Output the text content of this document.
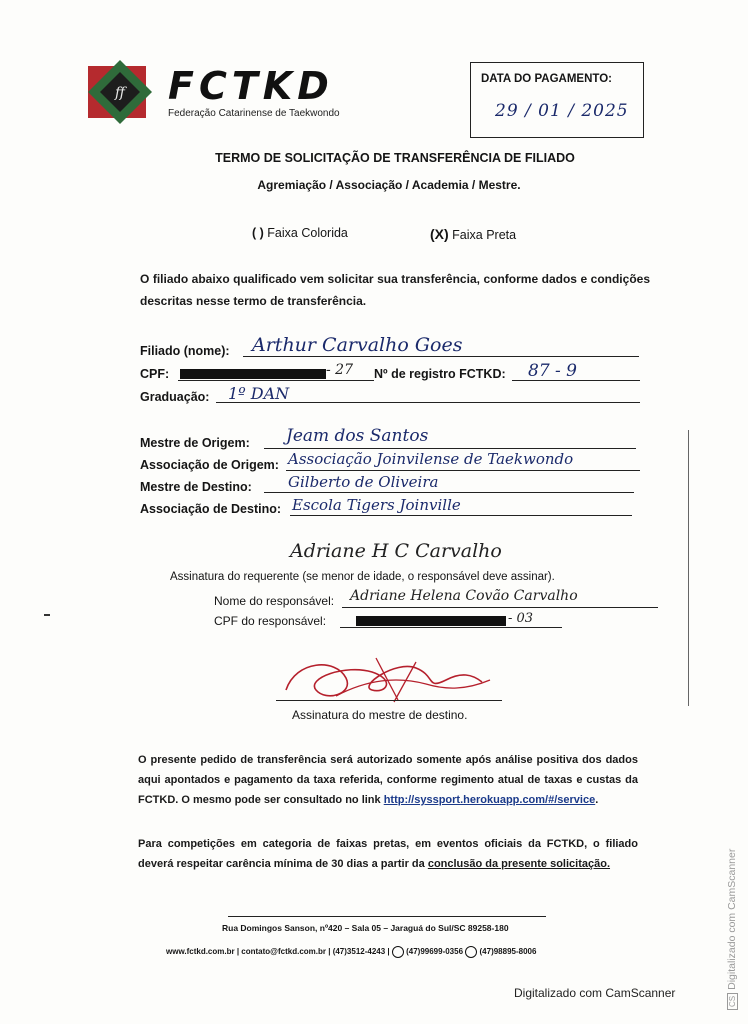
ff FCTKD
Federação Catarinense de Taekwondo
DATA DO PAGAMENTO:
29 / 01 / 2025
TERMO DE SOLICITAÇÃO DE TRANSFERÊNCIA DE FILIADO
Agremiação / Associação / Academia / Mestre.
( ) Faixa Colorida	(X) Faixa Preta
O filiado abaixo qualificado vem solicitar sua transferência, conforme dados e condições descritas nesse termo de transferência.
Filiado (nome): Arthur Carvalho Goes
CPF:	- 27 Nº de registro FCTKD: 87 - 9
Graduação: 1º DAN
Mestre de Origem: Jeam dos Santos
Associação de Origem: Associação Joinvilense de Taekwondo
Mestre de Destino: Gilberto de Oliveira
Associação de Destino: Escola Tigers Joinville
Adriane H C Carvalho
Assinatura do requerente (se menor de idade, o responsável deve assinar).
Nome do responsável: Adriane Helena Covão Carvalho
CPF do responsável:	- 03
Assinatura do mestre de destino.
O presente pedido de transferência será autorizado somente após análise positiva dos dados aqui apontados e pagamento da taxa referida, conforme regimento atual de taxas e custas da FCTKD. O mesmo pode ser consultado no link http://syssport.herokuapp.com/#/service.
Para competições em categoria de faixas pretas, em eventos oficiais da FCTKD, o filiado deverá respeitar carência mínima de 30 dias a partir da conclusão da presente solicitação.
Rua Domingos Sanson, nº420 – Sala 05 – Jaraguá do Sul/SC 89258-180
www.fctkd.com.br | contato@fctkd.com.br | (47)3512-4243 |  (47)99699-0356 (47)98895-8006
CSDigitalizado com CamScanner
Digitalizado com CamScanner
